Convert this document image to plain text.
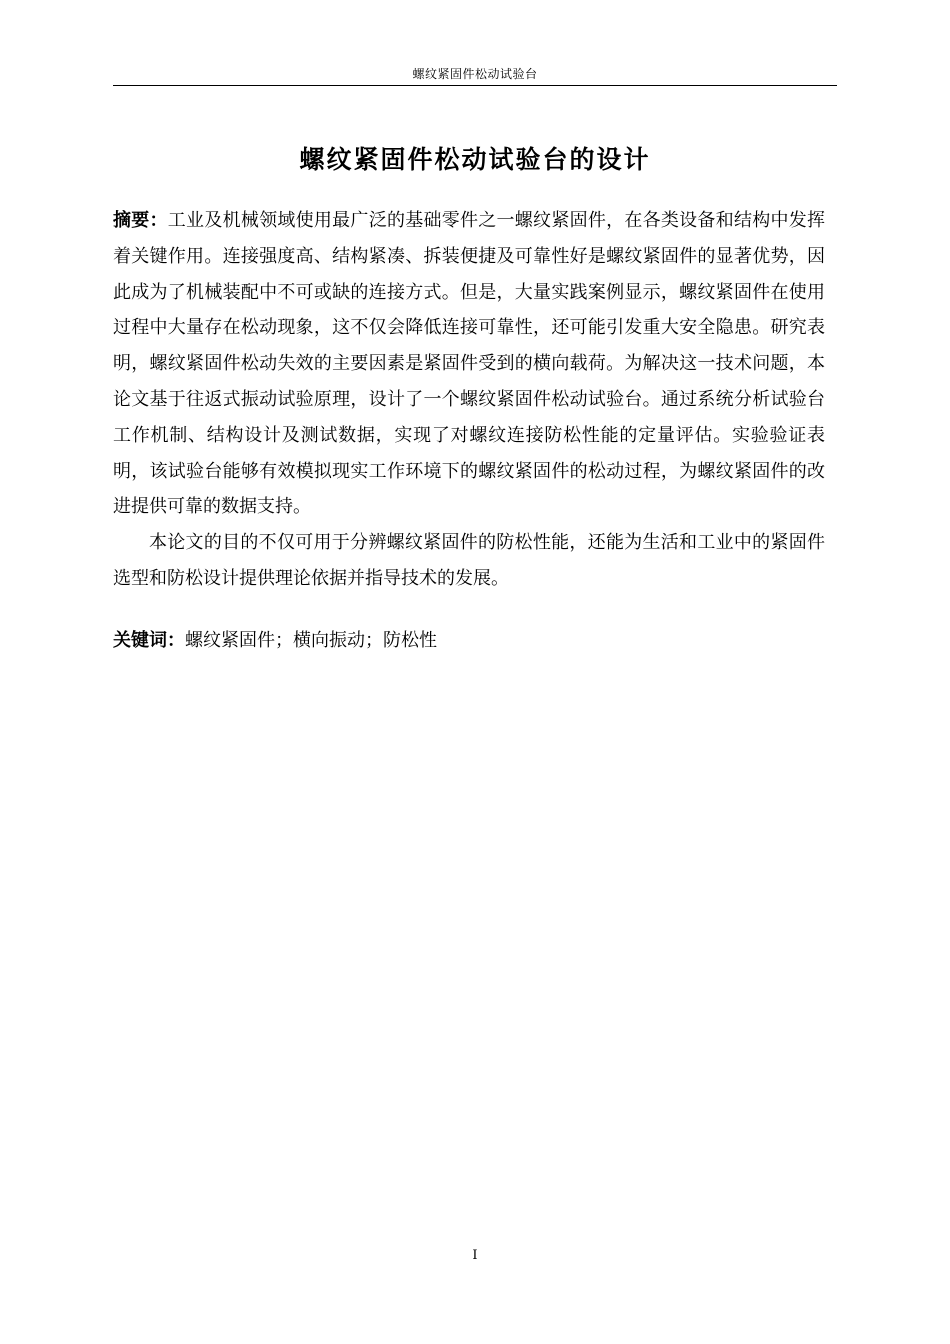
螺纹紧固件松动试验台
螺纹紧固件松动试验台的设计

摘要：工业及机械领域使用最广泛的基础零件之一螺纹紧固件，在各类设备和结构中发挥着关键作用。连接强度高、结构紧凑、拆装便捷及可靠性好是螺纹紧固件的显著优势，因此成为了机械装配中不可或缺的连接方式。但是，大量实践案例显示，螺纹紧固件在使用过程中大量存在松动现象，这不仅会降低连接可靠性，还可能引发重大安全隐患。研究表明，螺纹紧固件松动失效的主要因素是紧固件受到的横向载荷。为解决这一技术问题，本论文基于往返式振动试验原理，设计了一个螺纹紧固件松动试验台。通过系统分析试验台工作机制、结构设计及测试数据，实现了对螺纹连接防松性能的定量评估。实验验证表明，该试验台能够有效模拟现实工作环境下的螺纹紧固件的松动过程，为螺纹紧固件的改进提供可靠的数据支持。

本论文的目的不仅可用于分辨螺纹紧固件的防松性能，还能为生活和工业中的紧固件选型和防松设计提供理论依据并指导技术的发展。

关键词：螺纹紧固件；横向振动；防松性
I
